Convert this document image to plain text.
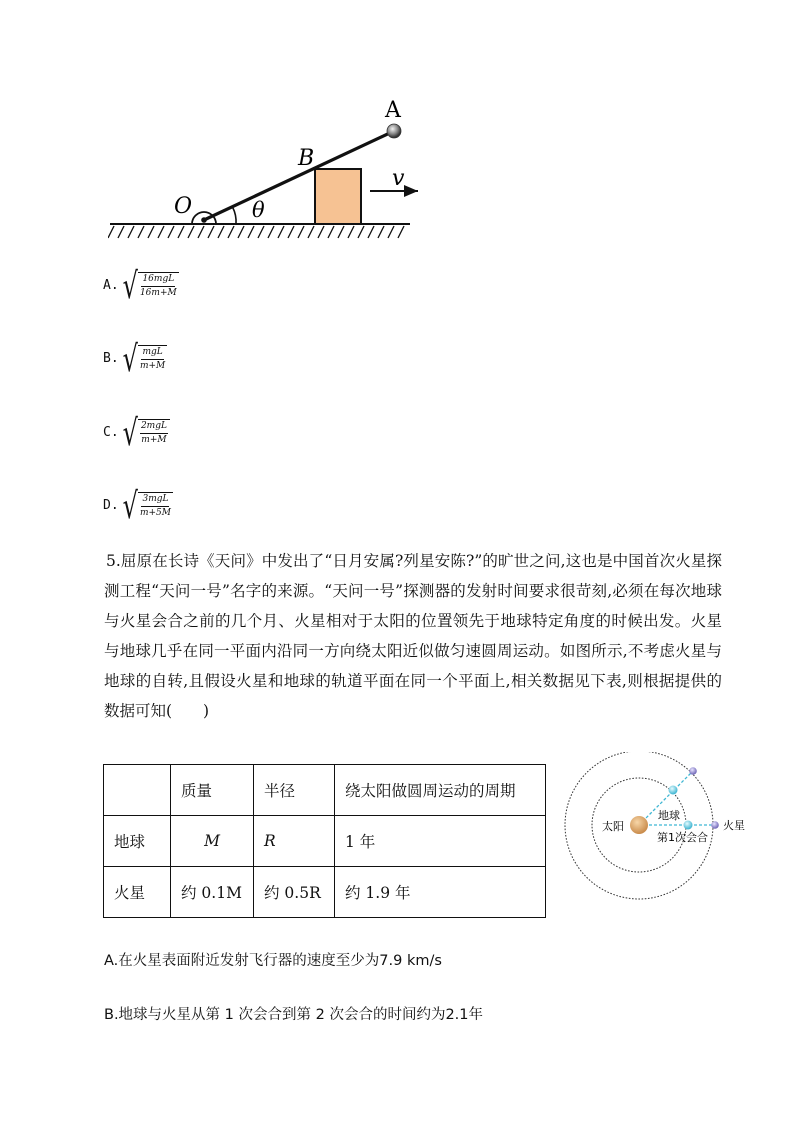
A
B
O	θ
v
A. √ $\frac{\text{16mgL}}{16m+M}$
B. √ $\frac{\text{mgL}}{m+M}$
C. √ $\frac{\text{2mgL}}{m+M}$
D. √ $\frac{\text{3mgL}}{m+5M}$
5.屈原在长诗《天问》中发出了“日月安属?列星安陈?”的旷世之问,这也是中国首次火星探测工程“天问一号”名字的来源。“天问一号”探测器的发射时间要求很苛刻,必须在每次地球与火星会合之前的几个月、火星相对于太阳的位置领先于地球特定角度的时候出发。火星与地球几乎在同一平面内沿同一方向绕太阳近似做匀速圆周运动。如图所示,不考虑火星与地球的自转,且假设火星和地球的轨道平面在同一个平面上,相关数据见下表,则根据提供的数据可知(　　)
	质量	半径	绕太阳做圆周运动的周期
地球	M	R	1 年
火星	约 0.1M	约 0.5R	约 1.9 年
太阳
地球
火星
第1次会合
A.在火星表面附近发射飞行器的速度至少为7.9 km/s
B.地球与火星从第 1 次会合到第 2 次会合的时间约为2.1年
